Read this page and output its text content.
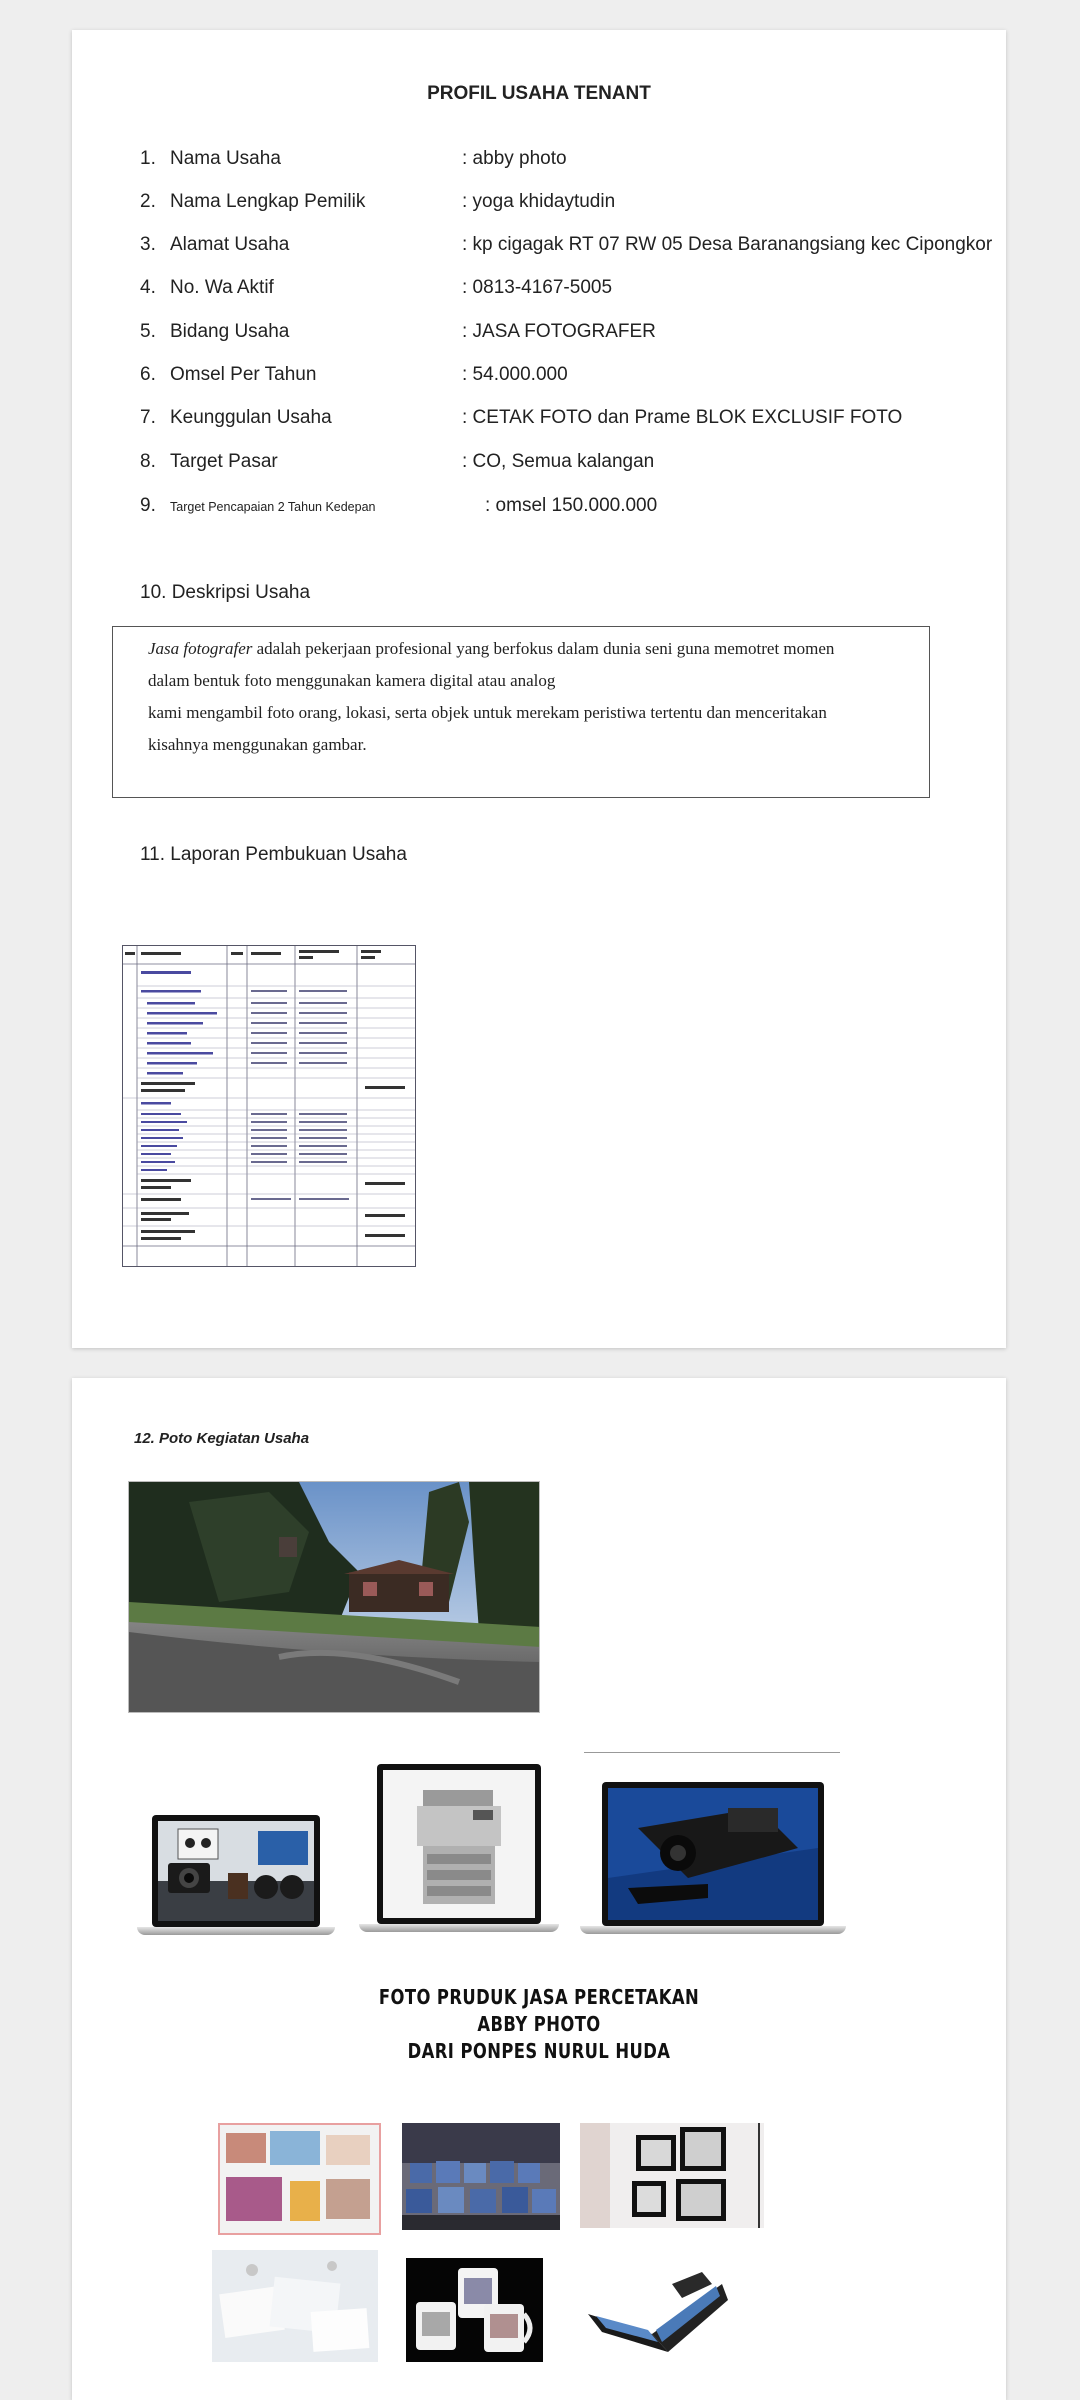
PROFIL USAHA TENANT
1. Nama Usaha	: abby photo
2. Nama Lengkap Pemilik	: yoga khidaytudin
3. Alamat Usaha	: kp cigagak RT 07 RW 05 Desa Baranangsiang kec Cipongkor
4. No. Wa Aktif	: 0813-4167-5005
5. Bidang Usaha	: JASA FOTOGRAFER
6. Omsel Per Tahun	: 54.000.000
7. Keunggulan Usaha	: CETAK FOTO dan Prame BLOK EXCLUSIF FOTO
8. Target Pasar	: CO, Semua kalangan
9.	Target Pencapaian 2 Tahun Kedepan	: omsel 150.000.000
10. Deskripsi Usaha

Jasa fotografer adalah pekerjaan profesional yang berfokus dalam dunia seni guna memotret momen

dalam bentuk foto menggunakan kamera digital atau analog

kami mengambil foto orang, lokasi, serta objek untuk merekam peristiwa tertentu dan menceritakan

kisahnya menggunakan gambar.

11. Laporan Pembukuan Usaha
12. Poto Kegiatan Usaha
FOTO PRUDUK JASA PERCETAKAN
ABBY PHOTO
DARI PONPES NURUL HUDA
